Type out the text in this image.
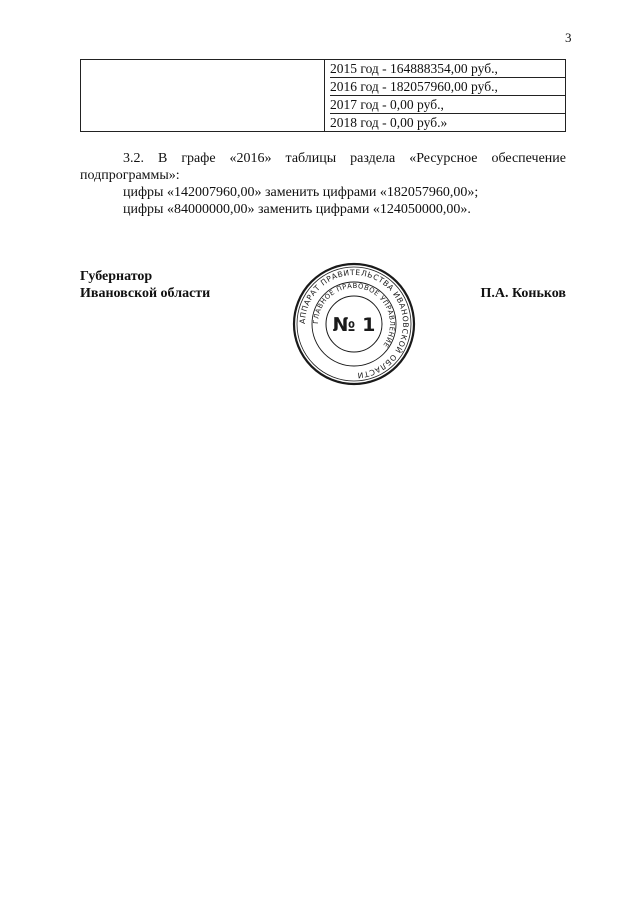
3

2015 год - 164888354,00 руб.,
2016 год - 182057960,00 руб.,
2017 год - 0,00 руб.,
2018 год - 0,00 руб.»

3.2. В графе «2016» таблицы раздела «Ресурсное обеспечение подпрограммы»:

цифры «142007960,00» заменить цифрами «182057960,00»;

цифры «84000000,00» заменить цифрами «124050000,00».

Губернатор
Ивановской области
АППАРАТ ПРАВИТЕЛЬСТВА ИВАНОВСКОЙ ОБЛАСТИ
ГЛАВНОЕ ПРАВОВОЕ УПРАВЛЕНИЕ
№ 1
П.А. Коньков
